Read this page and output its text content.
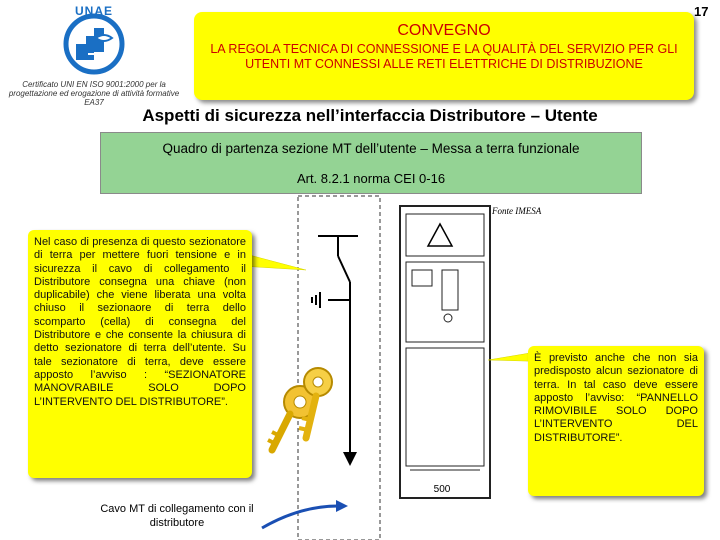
17
UNAE
Certificato UNI EN ISO 9001:2000 per la progettazione ed erogazione di attività formative EA37
CONVEGNO
LA REGOLA TECNICA DI CONNESSIONE E LA QUALITÀ DEL SERVIZIO PER GLI UTENTI MT CONNESSI ALLE RETI ELETTRICHE DI DISTRIBUZIONE
Aspetti di sicurezza nell’interfaccia Distributore – Utente
Quadro di partenza sezione MT dell’utente – Messa a terra funzionale
Art. 8.2.1 norma CEI 0-16
Fonte IMESA
500
Nel caso di presenza di questo sezionatore di terra per mettere fuori tensione e in sicurezza il cavo di collegamento il Distributore consegna una chiave (non duplicabile) che viene liberata una volta chiuso il sezionaore di terra dello scomparto (cella) di consegna del Distributore e che consente la chiusura di detto sezionatore di terra dell’utente. Su tale sezionatore di terra, deve essere apposto l’avviso : “SEZIONATORE MANOVRABILE SOLO DOPO L’INTERVENTO DEL DISTRIBUTORE”.
È previsto anche che non sia predisposto alcun sezionatore di terra. In tal caso deve essere apposto l’avviso: “PANNELLO RIMOVIBILE SOLO DOPO L’INTERVENTO DEL DISTRIBUTORE”.
Cavo MT di collegamento con il distributore
